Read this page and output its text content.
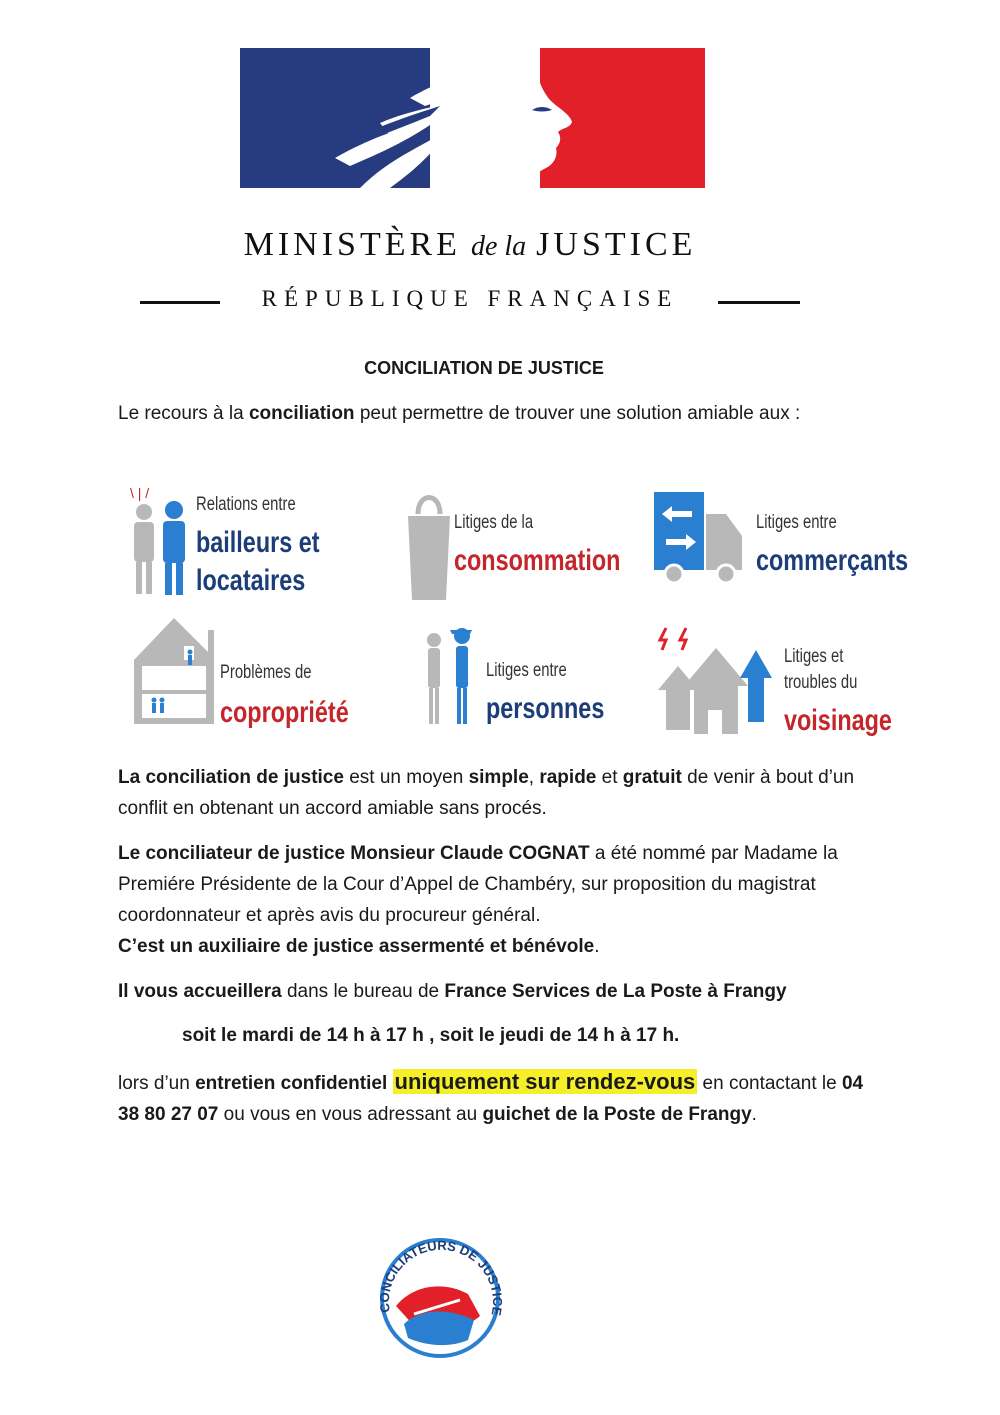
MINISTÈRE de la JUSTICE
RÉPUBLIQUE FRANÇAISE
CONCILIATION DE JUSTICE
Le recours à la conciliation peut permettre de trouver une solution amiable aux :
\ | /
Relations entre
bailleurs et
locataires
Litiges de la
consommation
Litiges entre
commerçants
Problèmes de
copropriété
Litiges entre
personnes
Litiges et
troubles du
voisinage
La conciliation de justice est un moyen simple, rapide et gratuit de venir à bout d’un conflit en obtenant un accord amiable sans procés.
Le conciliateur de justice Monsieur Claude COGNAT a été nommé par Madame la Premiére Présidente de la Cour d’Appel de Chambéry, sur proposition du magistrat coordonnateur et après avis du procureur général.
C’est un auxiliaire de justice assermenté et bénévole.
Il vous accueillera dans le bureau de France Services de La Poste à Frangy
soit le mardi de 14 h à 17 h , soit le jeudi de 14 h à 17 h.
lors d’un entretien confidentiel uniquement sur rendez-vous en contactant le 04 38 80 27 07 ou vous en vous adressant au guichet de la Poste de Frangy.
CONCILIATEURS DE JUSTICE
